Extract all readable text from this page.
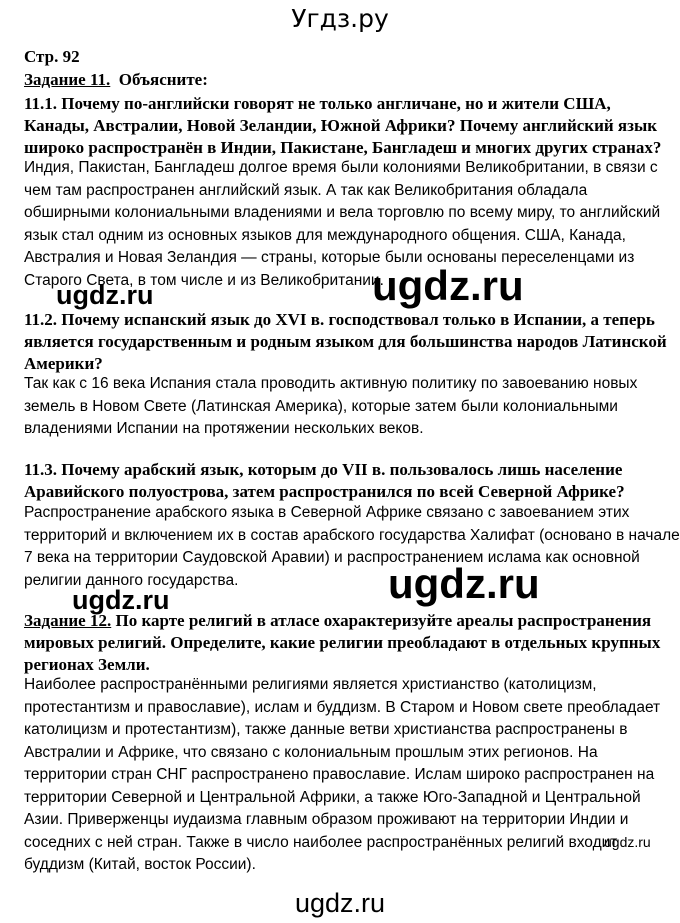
Угдз.ру
Стр. 92
Задание 11. Объясните:
11.1. Почему по-английски говорят не только англичане, но и жители США,
Канады, Австралии, Новой Зеландии, Южной Африки? Почему английский язык
широко распространён в Индии, Пакистане, Бангладеш и многих других странах?
Индия, Пакистан, Бангладеш долгое время были колониями Великобритании, в связи с
чем там распространен английский язык. А так как Великобритания обладала
обширными колониальными владениями и вела торговлю по всему миру, то английский
язык стал одним из основных языков для международного общения. США, Канада,
Австралия и Новая Зеландия — страны, которые были основаны переселенцами из
Старого Света, в том числе и из Великобритании.
ugdz.ru	ugdz.ru
11.2. Почему испанский язык до XVI в. господствовал только в Испании, а теперь
является государственным и родным языком для большинства народов Латинской
Америки?
Так как с 16 века Испания стала проводить активную политику по завоеванию новых
земель в Новом Свете (Латинская Америка), которые затем были колониальными
владениями Испании на протяжении нескольких веков.
11.3. Почему арабский язык, которым до VII в. пользовалось лишь население
Аравийского полуострова, затем распространился по всей Северной Африке?
Распространение арабского языка в Северной Африке связано с завоеванием этих
территорий и включением их в состав арабского государства Халифат (основано в начале
7 века на территории Саудовской Аравии) и распространением ислама как основной
религии данного государства.
ugdz.ru	ugdz.ru
Задание 12. По карте религий в атласе охарактеризуйте ареалы распространения
мировых религий. Определите, какие религии преобладают в отдельных крупных
регионах Земли.
Наиболее распространёнными религиями является христианство (католицизм,
протестантизм и православие), ислам и буддизм. В Старом и Новом свете преобладает
католицизм и протестантизм), также данные ветви христианства распространены в
Австралии и Африке, что связано с колониальным прошлым этих регионов. На
территории стран СНГ распространено православие. Ислам широко распространен на
территории Северной и Центральной Африки, а также Юго-Западной и Центральной
Азии. Приверженцы иудаизма главным образом проживают на территории Индии и
соседних с ней стран. Также в число наиболее распространённых религий входит
буддизм (Китай, восток России).
ugdz.ru
ugdz.ru
